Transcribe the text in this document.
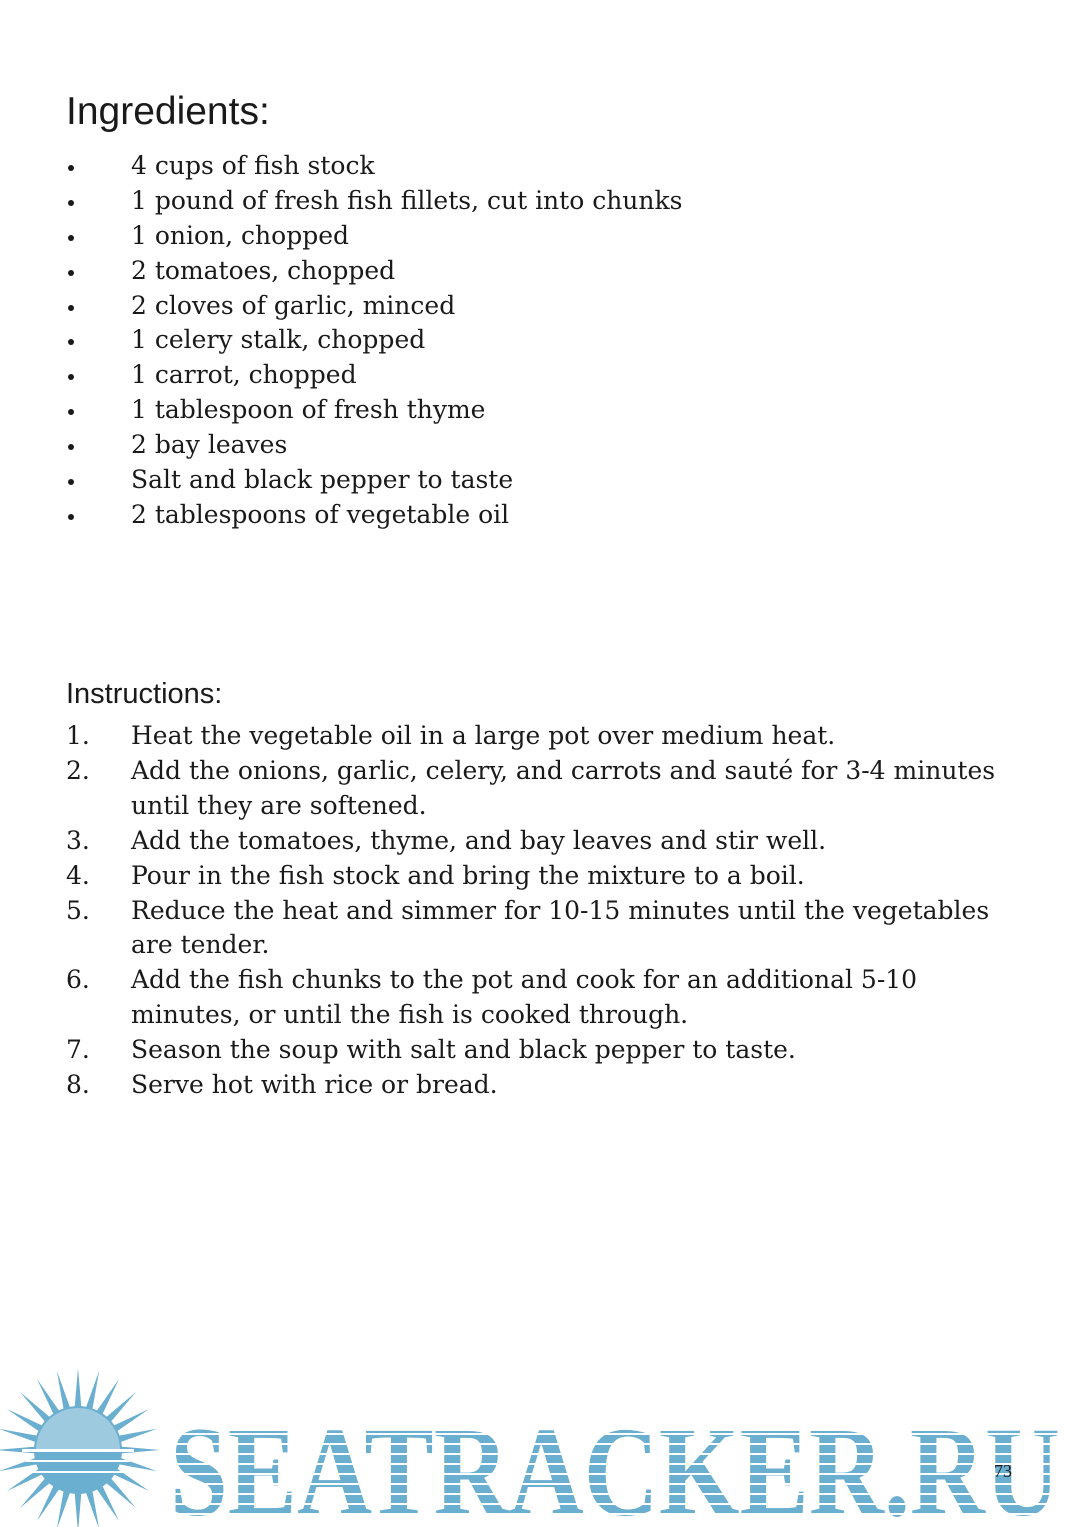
Ingredients:
4 cups of fish stock
1 pound of fresh fish fillets, cut into chunks
1 onion, chopped
2 tomatoes, chopped
2 cloves of garlic, minced
1 celery stalk, chopped
1 carrot, chopped
1 tablespoon of fresh thyme
2 bay leaves
Salt and black pepper to taste
2 tablespoons of vegetable oil
Instructions:
1. Heat the vegetable oil in a large pot over medium heat.
2. Add the onions, garlic, celery, and carrots and sauté for 3-4 minutes until they are softened.
3. Add the tomatoes, thyme, and bay leaves and stir well.
4. Pour in the fish stock and bring the mixture to a boil.
5. Reduce the heat and simmer for 10-15 minutes until the vegetables are tender.
6. Add the fish chunks to the pot and cook for an additional 5-10 minutes, or until the fish is cooked through.
7. Season the soup with salt and black pepper to taste.
8. Serve hot with rice or bread.
SEATRACKER.RU
73
